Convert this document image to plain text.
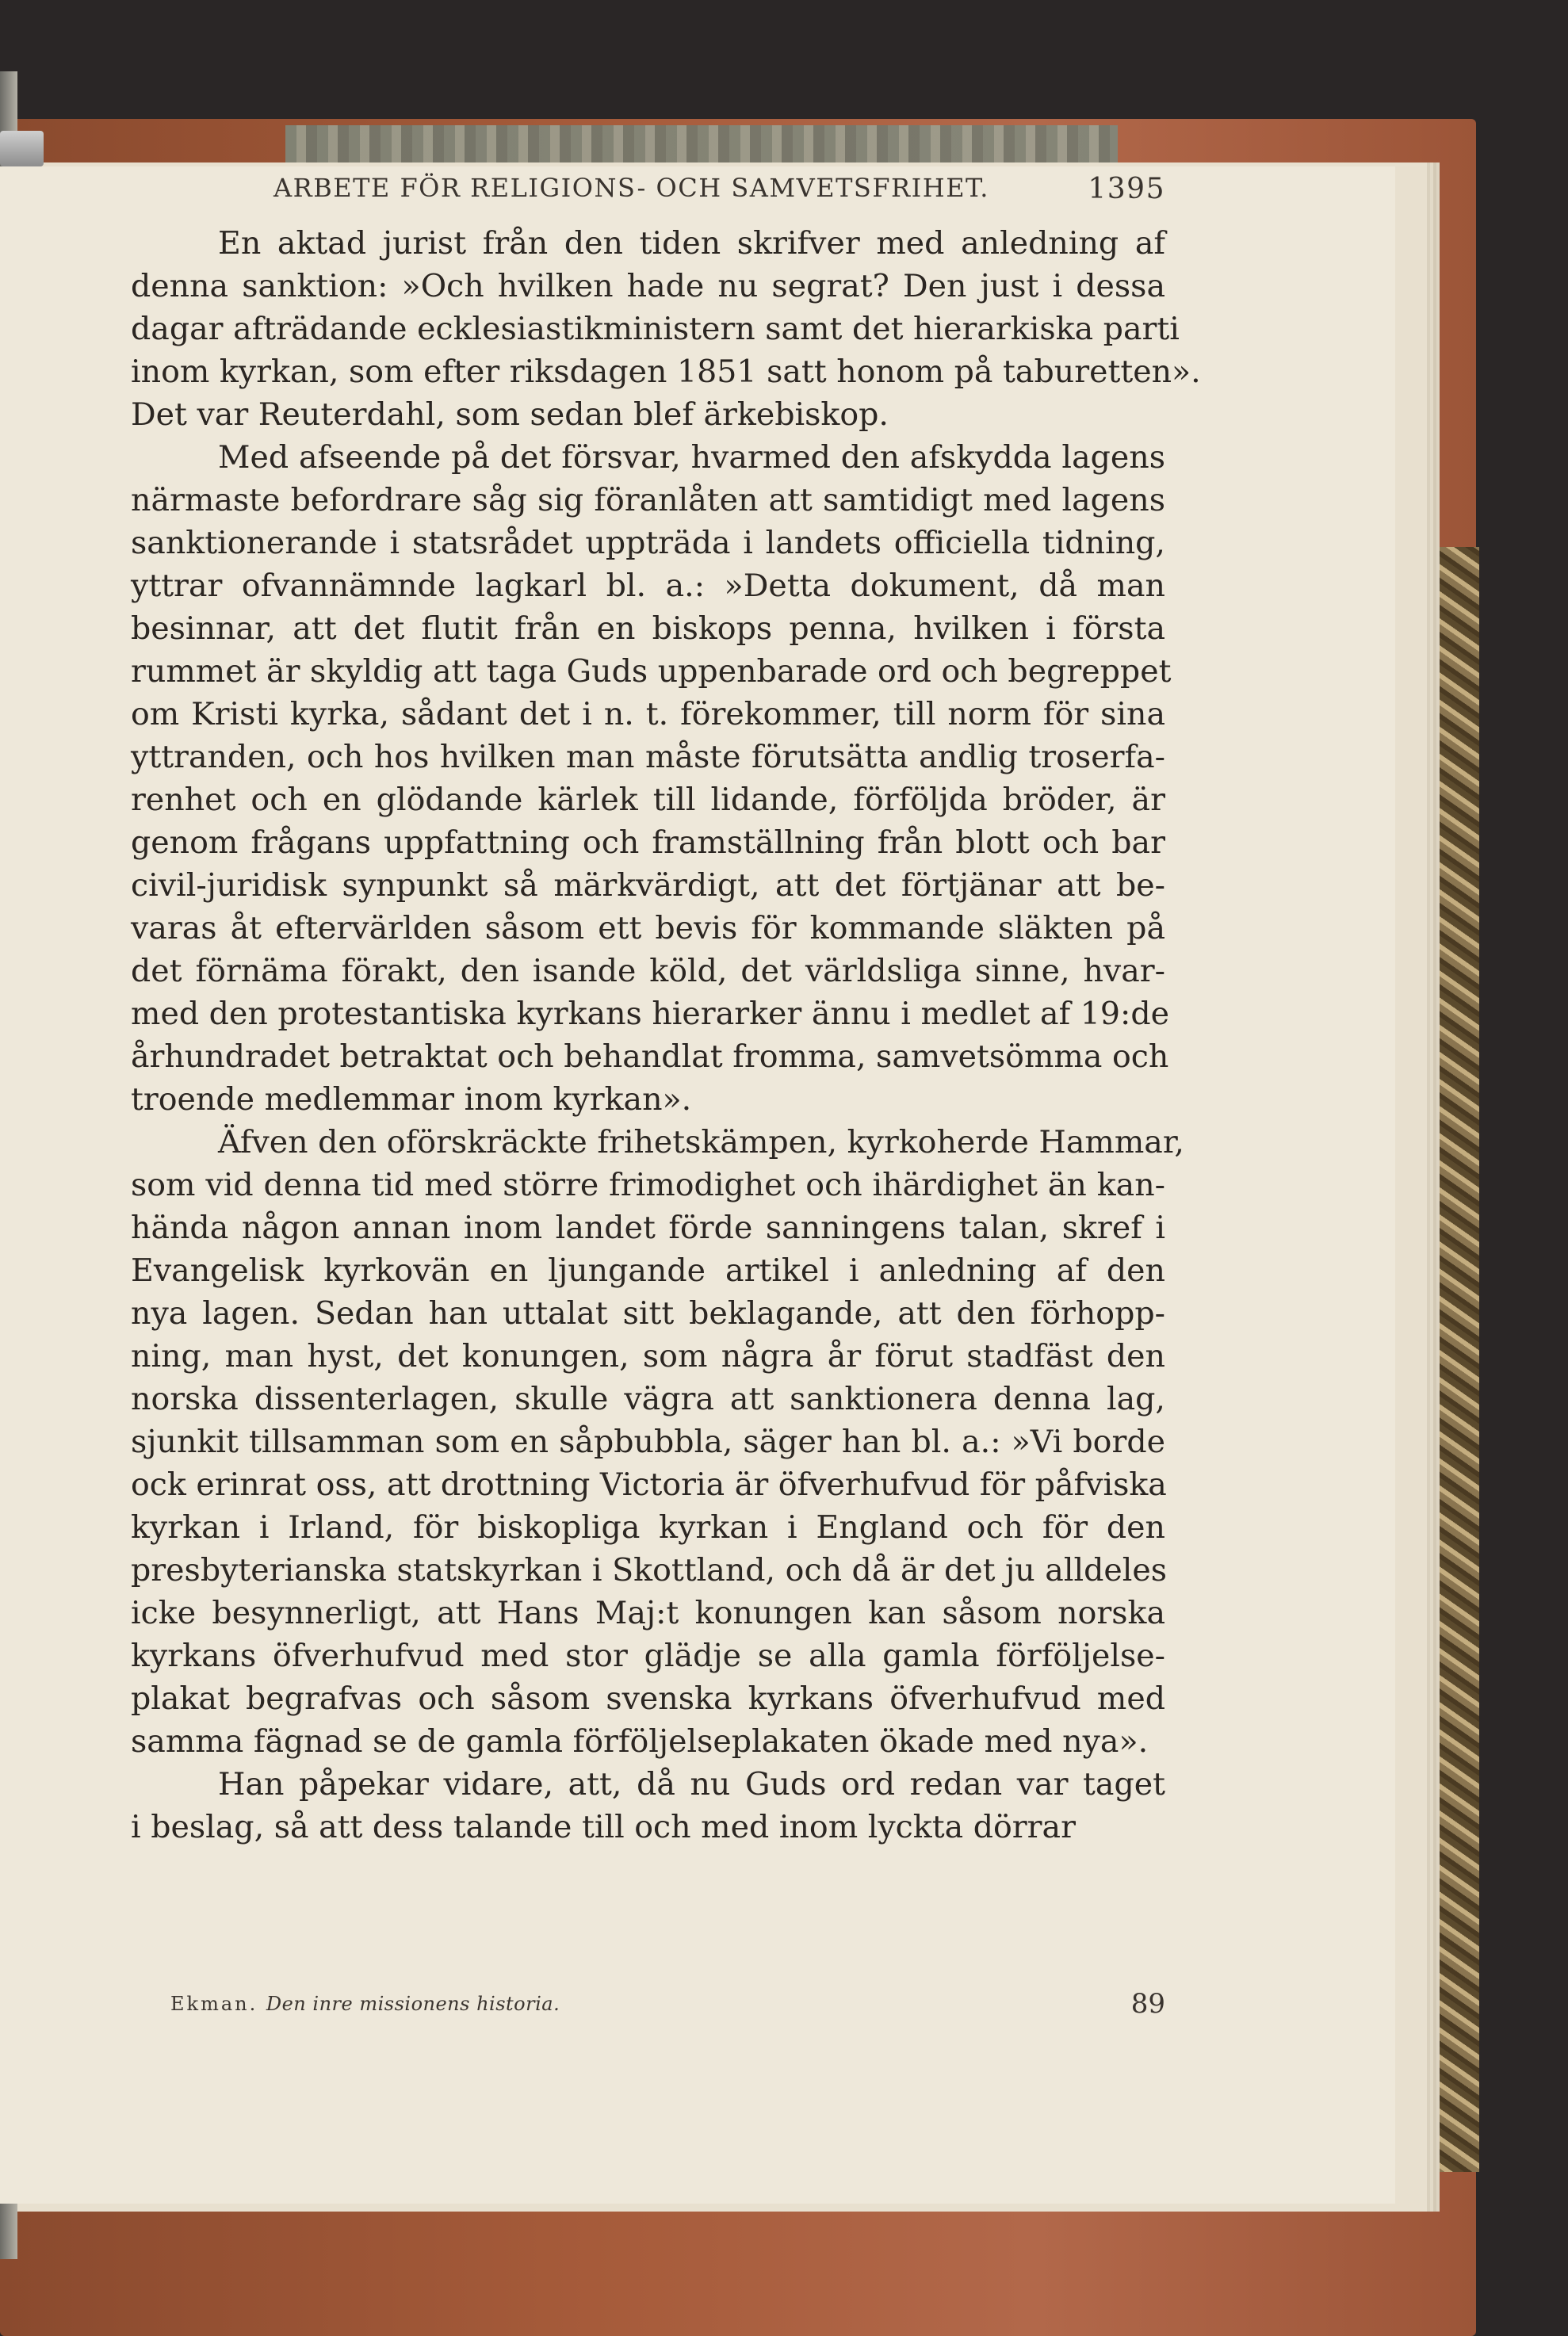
ARBETE FÖR RELIGIONS- OCH SAMVETSFRIHET.	1395

En aktad jurist från den tiden skrifver med anledning af
denna sanktion: »Och hvilken hade nu segrat? Den just i dessa
dagar afträdande ecklesiastikministern samt det hierarkiska parti
inom kyrkan, som efter riksdagen 1851 satt honom på taburetten».
Det var Reuterdahl, som sedan blef ärkebiskop.

Med afseende på det försvar, hvarmed den afskydda lagens
närmaste befordrare såg sig föranlåten att samtidigt med lagens
sanktionerande i statsrådet uppträda i landets officiella tidning,
yttrar ofvannämnde lagkarl bl. a.: »Detta dokument, då man
besinnar, att det flutit från en biskops penna, hvilken i första
rummet är skyldig att taga Guds uppenbarade ord och begreppet
om Kristi kyrka, sådant det i n. t. förekommer, till norm för sina
yttranden, och hos hvilken man måste förutsätta andlig troserfa-
renhet och en glödande kärlek till lidande, förföljda bröder, är
genom frågans uppfattning och framställning från blott och bar
civil-juridisk synpunkt så märkvärdigt, att det förtjänar att be-
varas åt eftervärlden såsom ett bevis för kommande släkten på
det förnäma förakt, den isande köld, det världsliga sinne, hvar-
med den protestantiska kyrkans hierarker ännu i medlet af 19:de
århundradet betraktat och behandlat fromma, samvetsömma och
troende medlemmar inom kyrkan».

Äfven den oförskräckte frihetskämpen, kyrkoherde Hammar,
som vid denna tid med större frimodighet och ihärdighet än kan-
hända någon annan inom landet förde sanningens talan, skref i
Evangelisk kyrkovän en ljungande artikel i anledning af den
nya lagen. Sedan han uttalat sitt beklagande, att den förhopp-
ning, man hyst, det konungen, som några år förut stadfäst den
norska dissenterlagen, skulle vägra att sanktionera denna lag,
sjunkit tillsamman som en såpbubbla, säger han bl. a.: »Vi borde
ock erinrat oss, att drottning Victoria är öfverhufvud för påfviska
kyrkan i Irland, för biskopliga kyrkan i England och för den
presbyterianska statskyrkan i Skottland, och då är det ju alldeles
icke besynnerligt, att Hans Maj:t konungen kan såsom norska
kyrkans öfverhufvud med stor glädje se alla gamla förföljelse-
plakat begrafvas och såsom svenska kyrkans öfverhufvud med
samma fägnad se de gamla förföljelseplakaten ökade med nya».

Han påpekar vidare, att, då nu Guds ord redan var taget
i beslag, så att dess talande till och med inom lyckta dörrar

Ekman. Den inre missionens historia.	89
